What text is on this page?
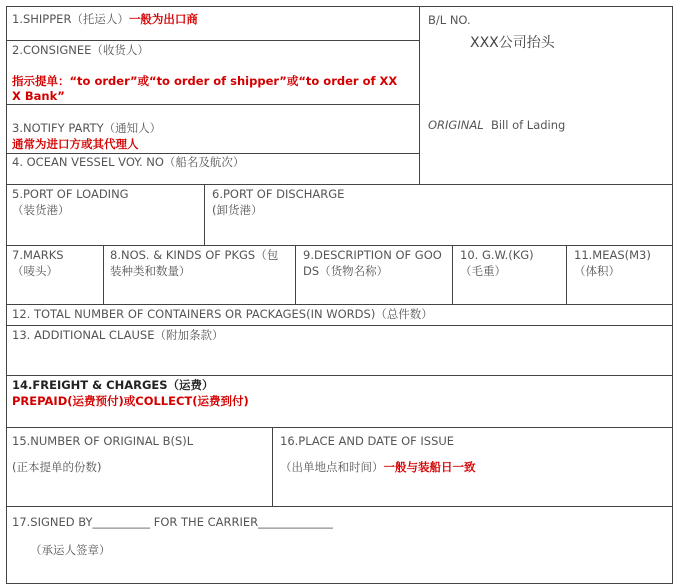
1.SHIPPER（托运人）一般为出口商	B/L NO.
XXX公司抬头
2.CONSIGNEE（收货人）
指示提单：“to order”或“to order of shipper”或“to order of XX
X Bank”
ORIGINAL Bill of Lading
3.NOTIFY PARTY（通知人）
通常为进口方或其代理人
4. OCEAN VESSEL VOY. NO（船名及航次）
5.PORT OF LOADING
（装货港）
6.PORT OF DISCHARGE
(卸货港）
7.MARKS
（唛头）
8.NOS. & KINDS OF PKGS（包
装种类和数量）
9.DESCRIPTION OF GOO
DS（货物名称）
10. G.W.(KG)
（毛重）
11.MEAS(M3)
（体积）
12. TOTAL NUMBER OF CONTAINERS OR PACKAGES(IN WORDS)（总件数）
13. ADDITIONAL CLAUSE（附加条款）
14.FREIGHT & CHARGES（运费）
PREPAID(运费预付)或COLLECT(运费到付)
15.NUMBER OF ORIGINAL B(S)L
(正本提单的份数)
16.PLACE AND DATE OF ISSUE
（出单地点和时间）一般与装船日一致
17.SIGNED BY__________ FOR THE CARRIER_____________
（承运人签章）
